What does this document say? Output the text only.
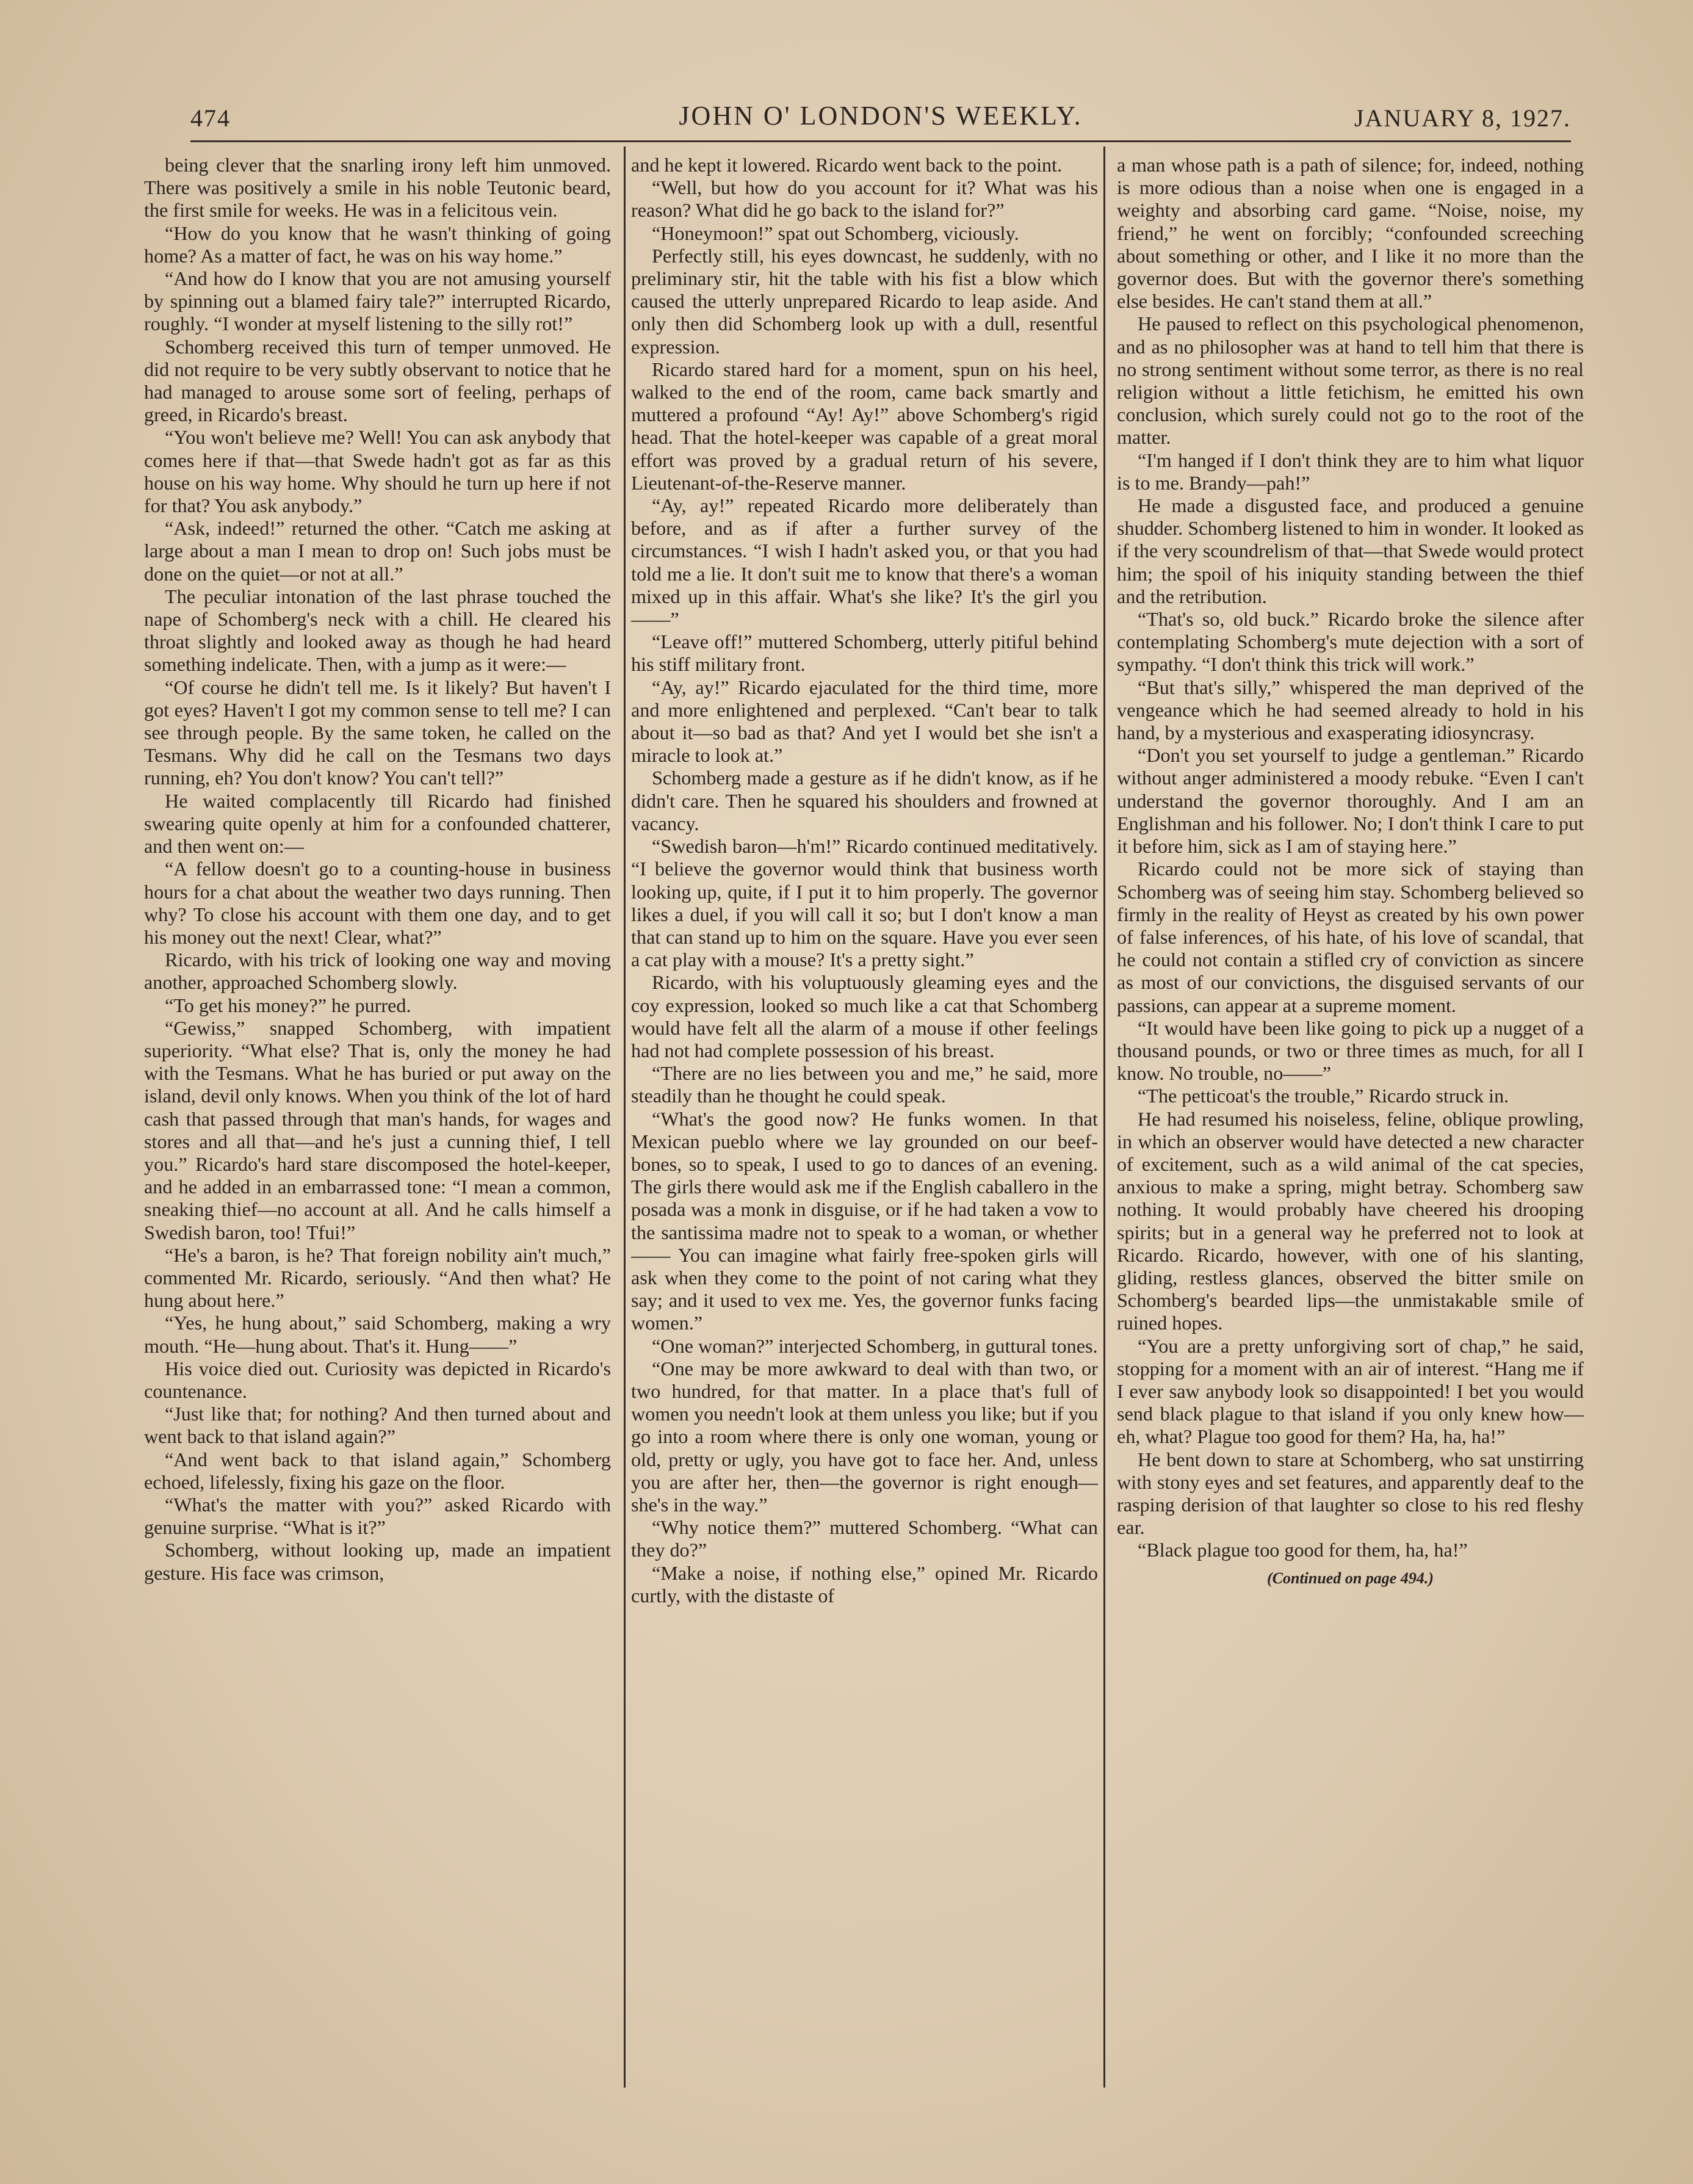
474	JOHN O' LONDON'S WEEKLY.	JANUARY 8, 1927.

being clever that the snarling irony left him unmoved. There was positively a smile in his noble Teutonic beard, the first smile for weeks. He was in a felicitous vein.

“How do you know that he wasn't thinking of going home? As a matter of fact, he was on his way home.”

“And how do I know that you are not amusing yourself by spinning out a blamed fairy tale?” interrupted Ricardo, roughly. “I wonder at myself listening to the silly rot!”

Schomberg received this turn of temper unmoved. He did not require to be very subtly observant to notice that he had managed to arouse some sort of feeling, perhaps of greed, in Ricardo's breast.

“You won't believe me? Well! You can ask anybody that comes here if that—that Swede hadn't got as far as this house on his way home. Why should he turn up here if not for that? You ask anybody.”

“Ask, indeed!” returned the other. “Catch me asking at large about a man I mean to drop on! Such jobs must be done on the quiet—or not at all.”

The peculiar intonation of the last phrase touched the nape of Schomberg's neck with a chill. He cleared his throat slightly and looked away as though he had heard something indelicate. Then, with a jump as it were:—

“Of course he didn't tell me. Is it likely? But haven't I got eyes? Haven't I got my common sense to tell me? I can see through people. By the same token, he called on the Tesmans. Why did he call on the Tesmans two days running, eh? You don't know? You can't tell?”

He waited complacently till Ricardo had finished swearing quite openly at him for a confounded chatterer, and then went on:—

“A fellow doesn't go to a counting-house in business hours for a chat about the weather two days running. Then why? To close his account with them one day, and to get his money out the next! Clear, what?”

Ricardo, with his trick of looking one way and moving another, approached Schomberg slowly.

“To get his money?” he purred.

“Gewiss,” snapped Schomberg, with impatient superiority. “What else? That is, only the money he had with the Tesmans. What he has buried or put away on the island, devil only knows. When you think of the lot of hard cash that passed through that man's hands, for wages and stores and all that—and he's just a cunning thief, I tell you.” Ricardo's hard stare discomposed the hotel-keeper, and he added in an embarrassed tone: “I mean a common, sneaking thief—no account at all. And he calls himself a Swedish baron, too! Tfui!”

“He's a baron, is he? That foreign nobility ain't much,” commented Mr. Ricardo, seriously. “And then what? He hung about here.”

“Yes, he hung about,” said Schomberg, making a wry mouth. “He—hung about. That's it. Hung——”

His voice died out. Curiosity was depicted in Ricardo's countenance.

“Just like that; for nothing? And then turned about and went back to that island again?”

“And went back to that island again,” Schomberg echoed, lifelessly, fixing his gaze on the floor.

“What's the matter with you?” asked Ricardo with genuine surprise. “What is it?”

Schomberg, without looking up, made an impatient gesture. His face was crimson,

and he kept it lowered. Ricardo went back to the point.

“Well, but how do you account for it? What was his reason? What did he go back to the island for?”

“Honeymoon!” spat out Schomberg, viciously.

Perfectly still, his eyes downcast, he suddenly, with no preliminary stir, hit the table with his fist a blow which caused the utterly unprepared Ricardo to leap aside. And only then did Schomberg look up with a dull, resentful expression.

Ricardo stared hard for a moment, spun on his heel, walked to the end of the room, came back smartly and muttered a profound “Ay! Ay!” above Schomberg's rigid head. That the hotel-keeper was capable of a great moral effort was proved by a gradual return of his severe, Lieutenant-of-the-Reserve manner.

“Ay, ay!” repeated Ricardo more deliberately than before, and as if after a further survey of the circumstances. “I wish I hadn't asked you, or that you had told me a lie. It don't suit me to know that there's a woman mixed up in this affair. What's she like? It's the girl you——”

“Leave off!” muttered Schomberg, utterly pitiful behind his stiff military front.

“Ay, ay!” Ricardo ejaculated for the third time, more and more enlightened and perplexed. “Can't bear to talk about it—so bad as that? And yet I would bet she isn't a miracle to look at.”

Schomberg made a gesture as if he didn't know, as if he didn't care. Then he squared his shoulders and frowned at vacancy.

“Swedish baron—h'm!” Ricardo continued meditatively. “I believe the governor would think that business worth looking up, quite, if I put it to him properly. The governor likes a duel, if you will call it so; but I don't know a man that can stand up to him on the square. Have you ever seen a cat play with a mouse? It's a pretty sight.”

Ricardo, with his voluptuously gleaming eyes and the coy expression, looked so much like a cat that Schomberg would have felt all the alarm of a mouse if other feelings had not had complete possession of his breast.

“There are no lies between you and me,” he said, more steadily than he thought he could speak.

“What's the good now? He funks women. In that Mexican pueblo where we lay grounded on our beef-bones, so to speak, I used to go to dances of an evening. The girls there would ask me if the English caballero in the posada was a monk in disguise, or if he had taken a vow to the santissima madre not to speak to a woman, or whether—— You can imagine what fairly free-spoken girls will ask when they come to the point of not caring what they say; and it used to vex me. Yes, the governor funks facing women.”

“One woman?” interjected Schomberg, in guttural tones.

“One may be more awkward to deal with than two, or two hundred, for that matter. In a place that's full of women you needn't look at them unless you like; but if you go into a room where there is only one woman, young or old, pretty or ugly, you have got to face her. And, unless you are after her, then—the governor is right enough—she's in the way.”

“Why notice them?” muttered Schomberg. “What can they do?”

“Make a noise, if nothing else,” opined Mr. Ricardo curtly, with the distaste of

a man whose path is a path of silence; for, indeed, nothing is more odious than a noise when one is engaged in a weighty and absorbing card game. “Noise, noise, my friend,” he went on forcibly; “confounded screeching about something or other, and I like it no more than the governor does. But with the governor there's something else besides. He can't stand them at all.”

He paused to reflect on this psychological phenomenon, and as no philosopher was at hand to tell him that there is no strong sentiment without some terror, as there is no real religion without a little fetichism, he emitted his own conclusion, which surely could not go to the root of the matter.

“I'm hanged if I don't think they are to him what liquor is to me. Brandy—pah!”

He made a disgusted face, and produced a genuine shudder. Schomberg listened to him in wonder. It looked as if the very scoundrelism of that—that Swede would protect him; the spoil of his iniquity standing between the thief and the retribution.

“That's so, old buck.” Ricardo broke the silence after contemplating Schomberg's mute dejection with a sort of sympathy. “I don't think this trick will work.”

“But that's silly,” whispered the man deprived of the vengeance which he had seemed already to hold in his hand, by a mysterious and exasperating idiosyncrasy.

“Don't you set yourself to judge a gentleman.” Ricardo without anger administered a moody rebuke. “Even I can't understand the governor thoroughly. And I am an Englishman and his follower. No; I don't think I care to put it before him, sick as I am of staying here.”

Ricardo could not be more sick of staying than Schomberg was of seeing him stay. Schomberg believed so firmly in the reality of Heyst as created by his own power of false inferences, of his hate, of his love of scandal, that he could not contain a stifled cry of conviction as sincere as most of our convictions, the disguised servants of our passions, can appear at a supreme moment.

“It would have been like going to pick up a nugget of a thousand pounds, or two or three times as much, for all I know. No trouble, no——”

“The petticoat's the trouble,” Ricardo struck in.

He had resumed his noiseless, feline, oblique prowling, in which an observer would have detected a new character of excitement, such as a wild animal of the cat species, anxious to make a spring, might betray. Schomberg saw nothing. It would probably have cheered his drooping spirits; but in a general way he preferred not to look at Ricardo. Ricardo, however, with one of his slanting, gliding, restless glances, observed the bitter smile on Schomberg's bearded lips—the unmistakable smile of ruined hopes.

“You are a pretty unforgiving sort of chap,” he said, stopping for a moment with an air of interest. “Hang me if I ever saw anybody look so disappointed! I bet you would send black plague to that island if you only knew how—eh, what? Plague too good for them? Ha, ha, ha!”

He bent down to stare at Schomberg, who sat unstirring with stony eyes and set features, and apparently deaf to the rasping derision of that laughter so close to his red fleshy ear.

“Black plague too good for them, ha, ha!”

(Continued on page 494.)
